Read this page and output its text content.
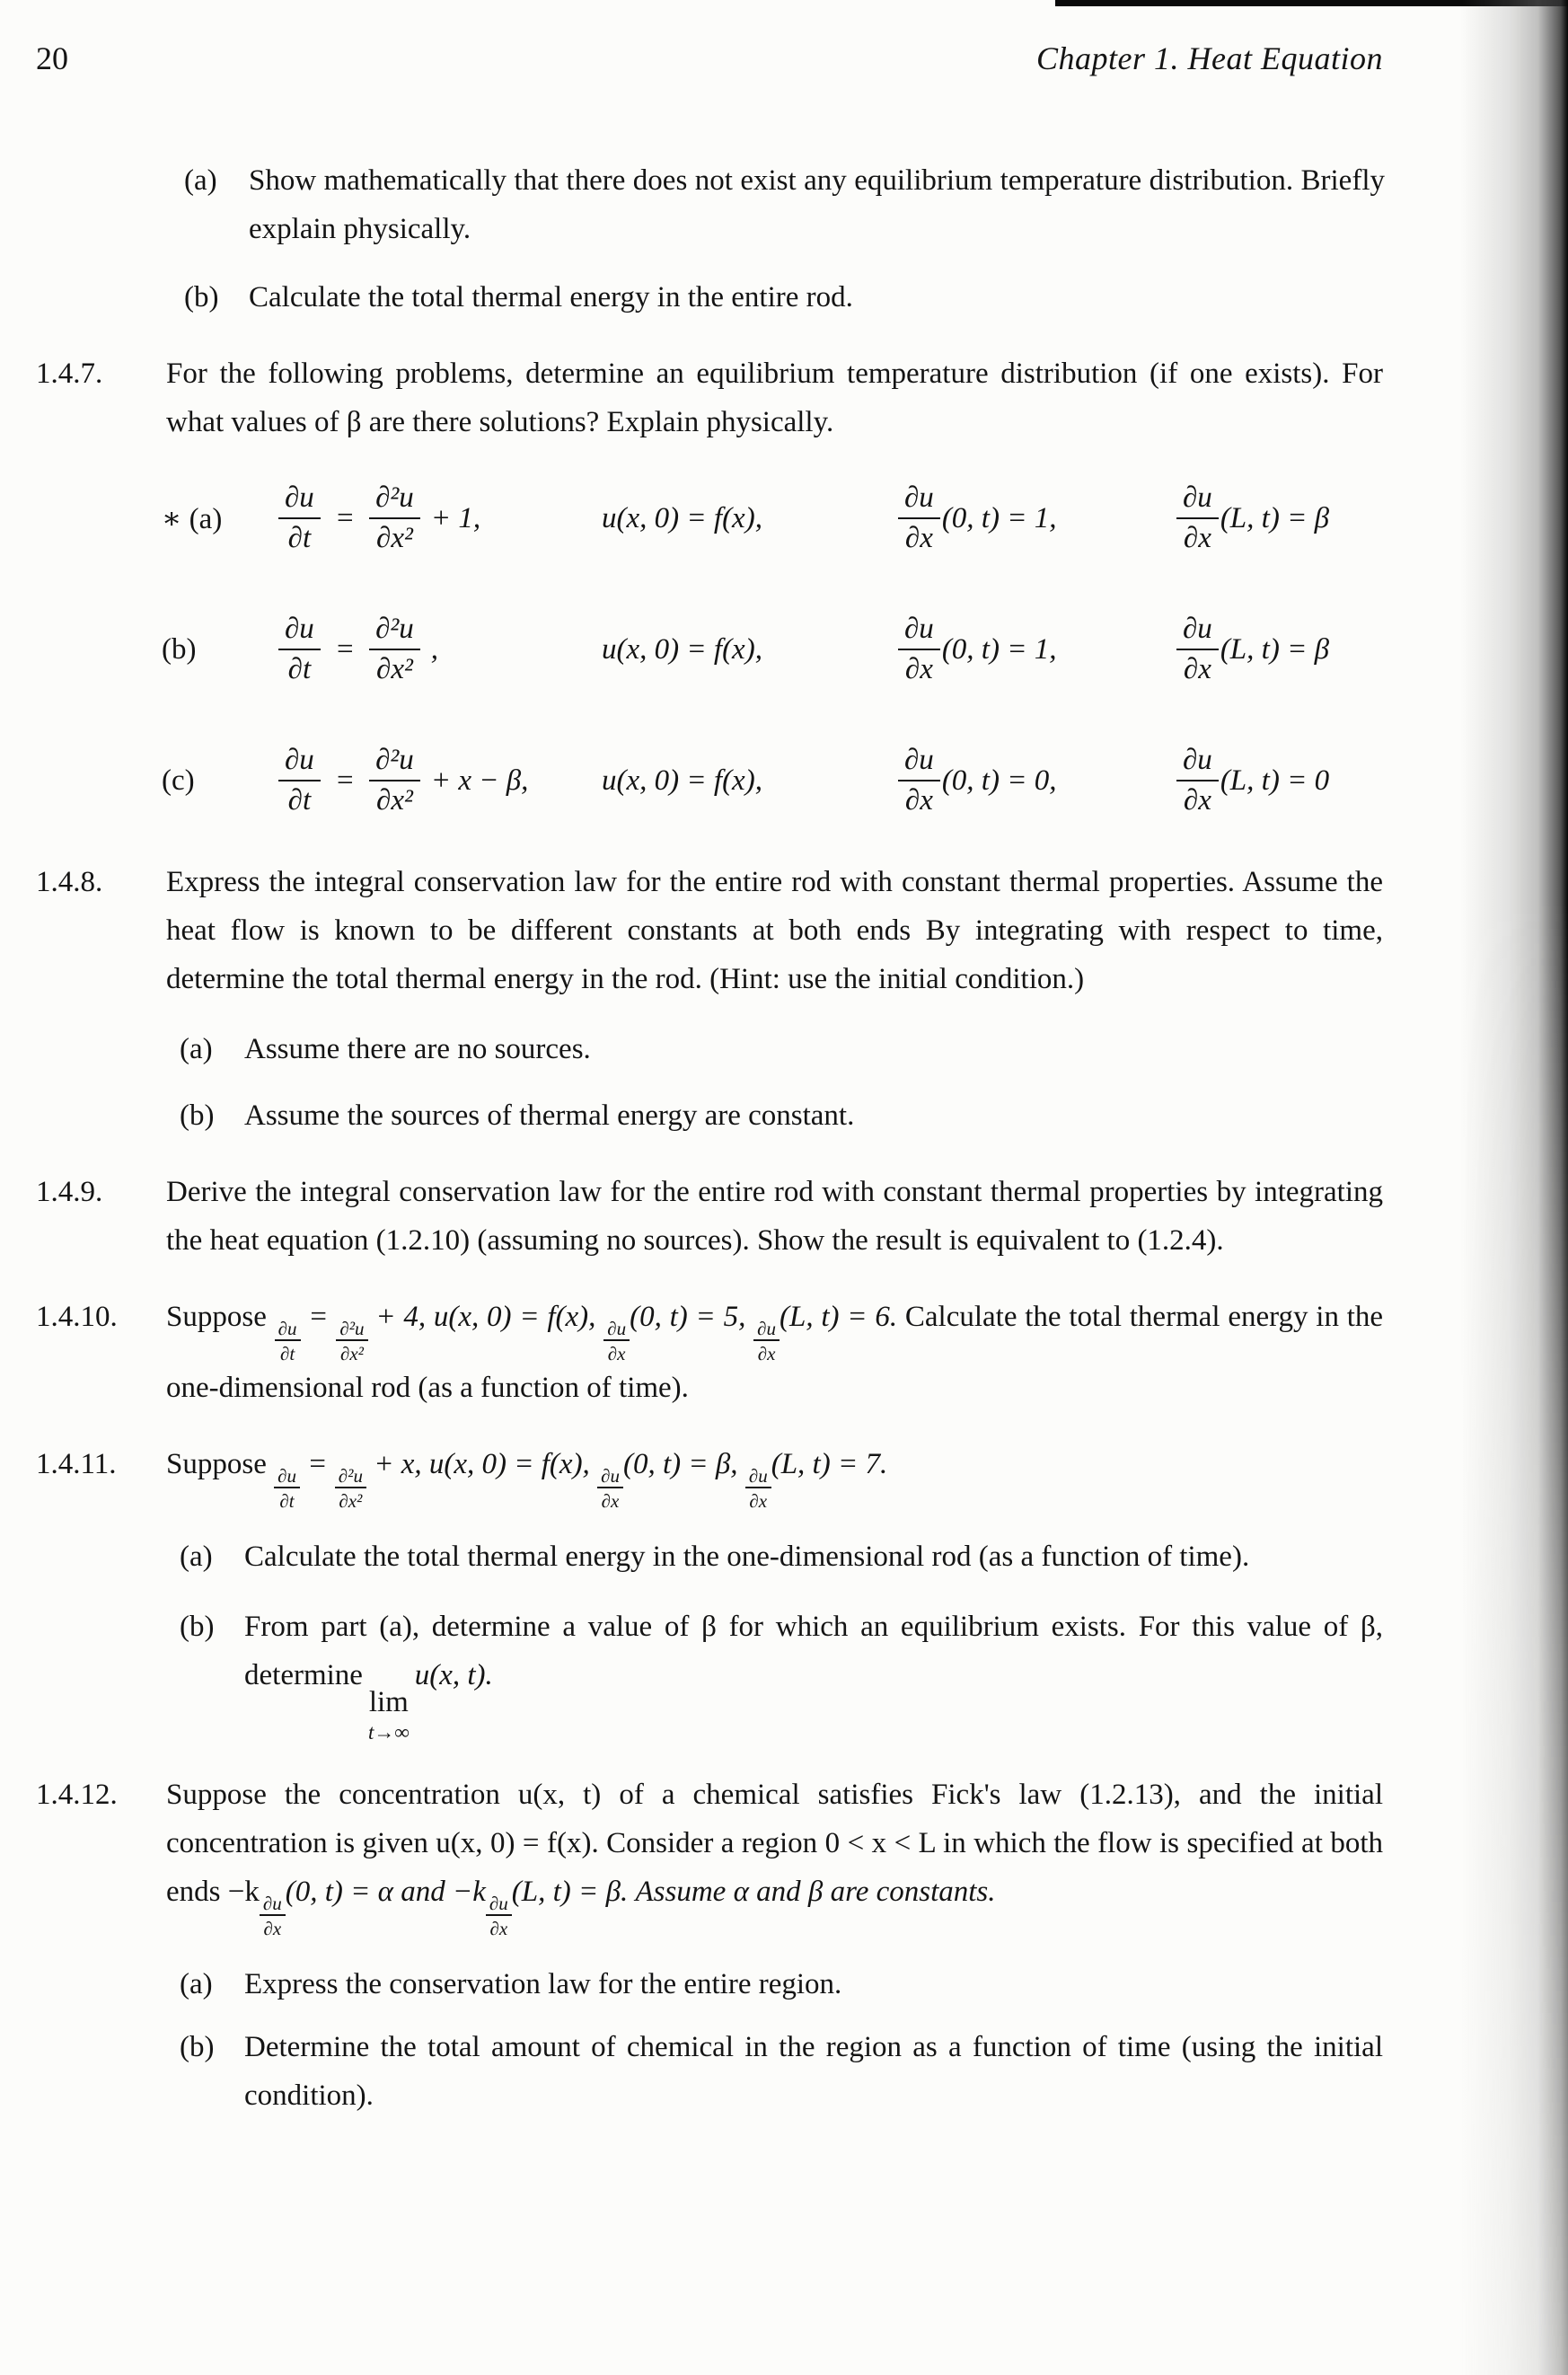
20	Chapter 1. Heat Equation
(a)	Show mathematically that there does not exist any equilibrium temperature distribution. Briefly explain physically.

(b)	Calculate the total thermal energy in the entire rod.

1.4.7.	For the following problems, determine an equilibrium temperature distribution (if one exists). For what values of β are there solutions? Explain physically.

∗ (a)	$\frac{\partial u}{\partial t} = \frac{\text{∂²u}}{\text{∂x²}} + 1$,	u(x, 0) = f(x),	$\frac{\partial u}{\partial x} (0$, t) = 1,	$\frac{\partial u}{\partial x} (L$, t) = β
(b)	$\frac{\partial u}{\partial t} = \frac{\text{∂²u}}{\text{∂x²}}$ ,	u(x, 0) = f(x),	$\frac{\partial u}{\partial x} (0$, t) = 1,	$\frac{\partial u}{\partial x} (L$, t) = β
(c)	$\frac{\partial u}{\partial t} = \frac{\text{∂²u}}{\text{∂x²}} + x - \beta$, u(x, 0) = f(x),	$\frac{\partial u}{\partial x} (0$, t) = 0,	$\frac{\partial u}{\partial x} (L$, t) = 0
1.4.8.	Express the integral conservation law for the entire rod with constant thermal properties. Assume the heat flow is known to be different constants at both ends By integrating with respect to time, determine the total thermal energy in the rod. (Hint: use the initial condition.)

(a)	Assume there are no sources.

(b)	Assume the sources of thermal energy are constant.

1.4.9.	Derive the integral conservation law for the entire rod with constant thermal properties by integrating the heat equation (1.2.10) (assuming no sources). Show the result is equivalent to (1.2.4).

1.4.10.	Suppose
$\frac{\partial u}{\partial t}$
=
$\frac{\text{∂²u}}{\text{∂x²}}$
+ 4, u(x, 0) = f(x),
$\frac{\partial u}{\partial x}$
(0, t) = 5,
$\frac{\partial u}{\partial x}$
(L, t) = 6. Calculate the total thermal energy in the one-dimensional rod (as a function of time).

1.4.11.	Suppose
$\frac{\partial u}{\partial t}$
=
$\frac{\text{∂²u}}{\text{∂x²}}$
+ x, u(x, 0) = f(x),
$\frac{\partial u}{\partial x}$
(0, t) = β,
$\frac{\partial u}{\partial x}$
(L, t) = 7.

(a)	Calculate the total thermal energy in the one-dimensional rod (as a function of time).

(b)	From part (a), determine a value of β for which an equilibrium exists. For this value of β, determine
lim
t→∞
u(x, t).

1.4.12.	Suppose the concentration u(x, t) of a chemical satisfies Fick's law (1.2.13), and the initial concentration is given u(x, 0) = f(x). Consider a region 0 < x < L in which the flow is specified at both ends −k
$\frac{\partial u}{\partial x}$
(0, t) = α and −k
$\frac{\partial u}{\partial x}$
(L, t) = β. Assume α and β are constants.

(a)	Express the conservation law for the entire region.

(b)	Determine the total amount of chemical in the region as a function of time (using the initial condition).
